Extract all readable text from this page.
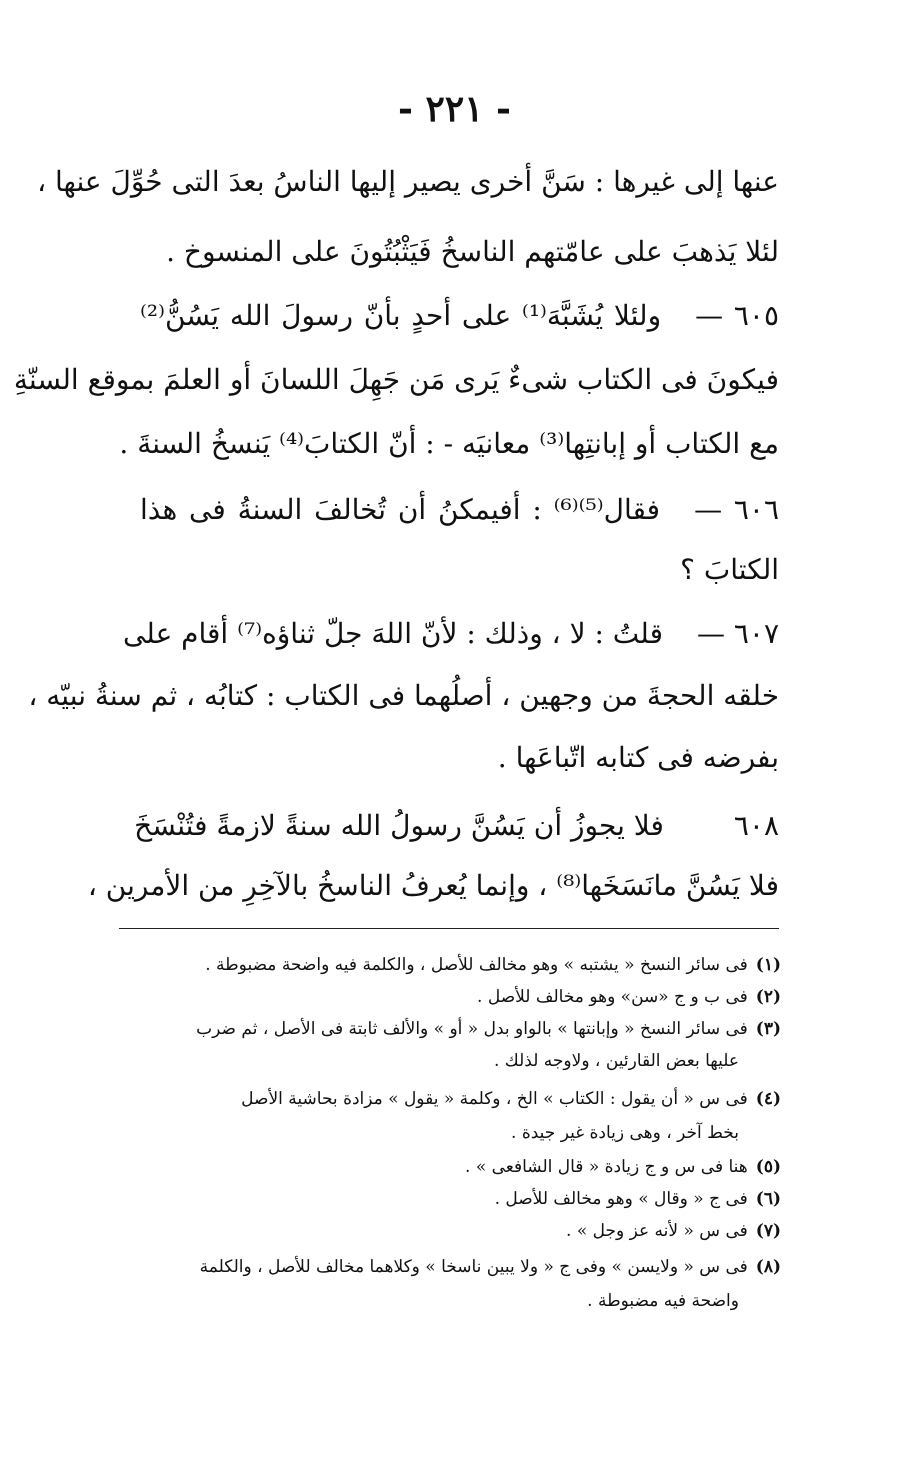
- ٢٢١ -
عنها إلى غيرها : سَنَّ أخرى يصير إليها الناسُ بعدَ التى حُوِّلَ عنها ،
لئلا يَذهبَ على عامّتهم الناسخُ فَيَثْبُتُونَ على المنسوخ .
٦٠٥ —ولئلا يُشَبَّهَ⁽¹⁾ على أحدٍ بأنّ رسولَ الله يَسُنُّ⁽²⁾
فيكونَ فى الكتاب شىءٌ يَرى مَن جَهِلَ اللسانَ أو العلمَ بموقع السنّةِ
مع الكتاب أو إبانتِها⁽³⁾ معانيَه - : أنّ الكتابَ⁽⁴⁾ يَنسخُ السنةَ .
٦٠٦ —فقال⁽⁵⁾⁽⁶⁾ : أفيمكنُ أن تُخالفَ السنةُ فى هذا
الكتابَ ؟
٦٠٧ —قلتُ : لا ، وذلك : لأنّ اللهَ جلّ ثناؤه⁽⁷⁾ أقام على
خلقه الحجةَ من وجهين ، أصلُهما فى الكتاب : كتابُه ، ثم سنةُ نبيّه ،
بفرضه فى كتابه اتّباعَها .
٦٠٨فلا يجوزُ أن يَسُنَّ رسولُ الله سنةً لازمةً فتُنْسَخَ
فلا يَسُنَّ مانَسَخَها⁽⁸⁾ ، وإنما يُعرفُ الناسخُ بالآخِرِ من الأمرين ،
(١)فى سائر النسخ « يشتبه » وهو مخالف للأصل ، والكلمة فيه واضحة مضبوطة .
(٢)فى ب و ج «سن» وهو مخالف للأصل .
(٣)فى سائر النسخ « وإبانتها » بالواو بدل « أو » والألف ثابتة فى الأصل ، ثم ضرب
عليها بعض القارئين ، ولاوجه لذلك .
(٤)فى س « أن يقول : الكتاب » الخ ، وكلمة « يقول » مزادة بحاشية الأصل
بخط آخر ، وهى زيادة غير جيدة .
(٥)هنا فى س و ج زيادة « قال الشافعى » .
(٦)فى ج « وقال » وهو مخالف للأصل .
(٧)فى س « لأنه عز وجل » .
(٨)فى س « ولايسن » وفى ج « ولا يبين ناسخا » وكلاهما مخالف للأصل ، والكلمة
واضحة فيه مضبوطة .
